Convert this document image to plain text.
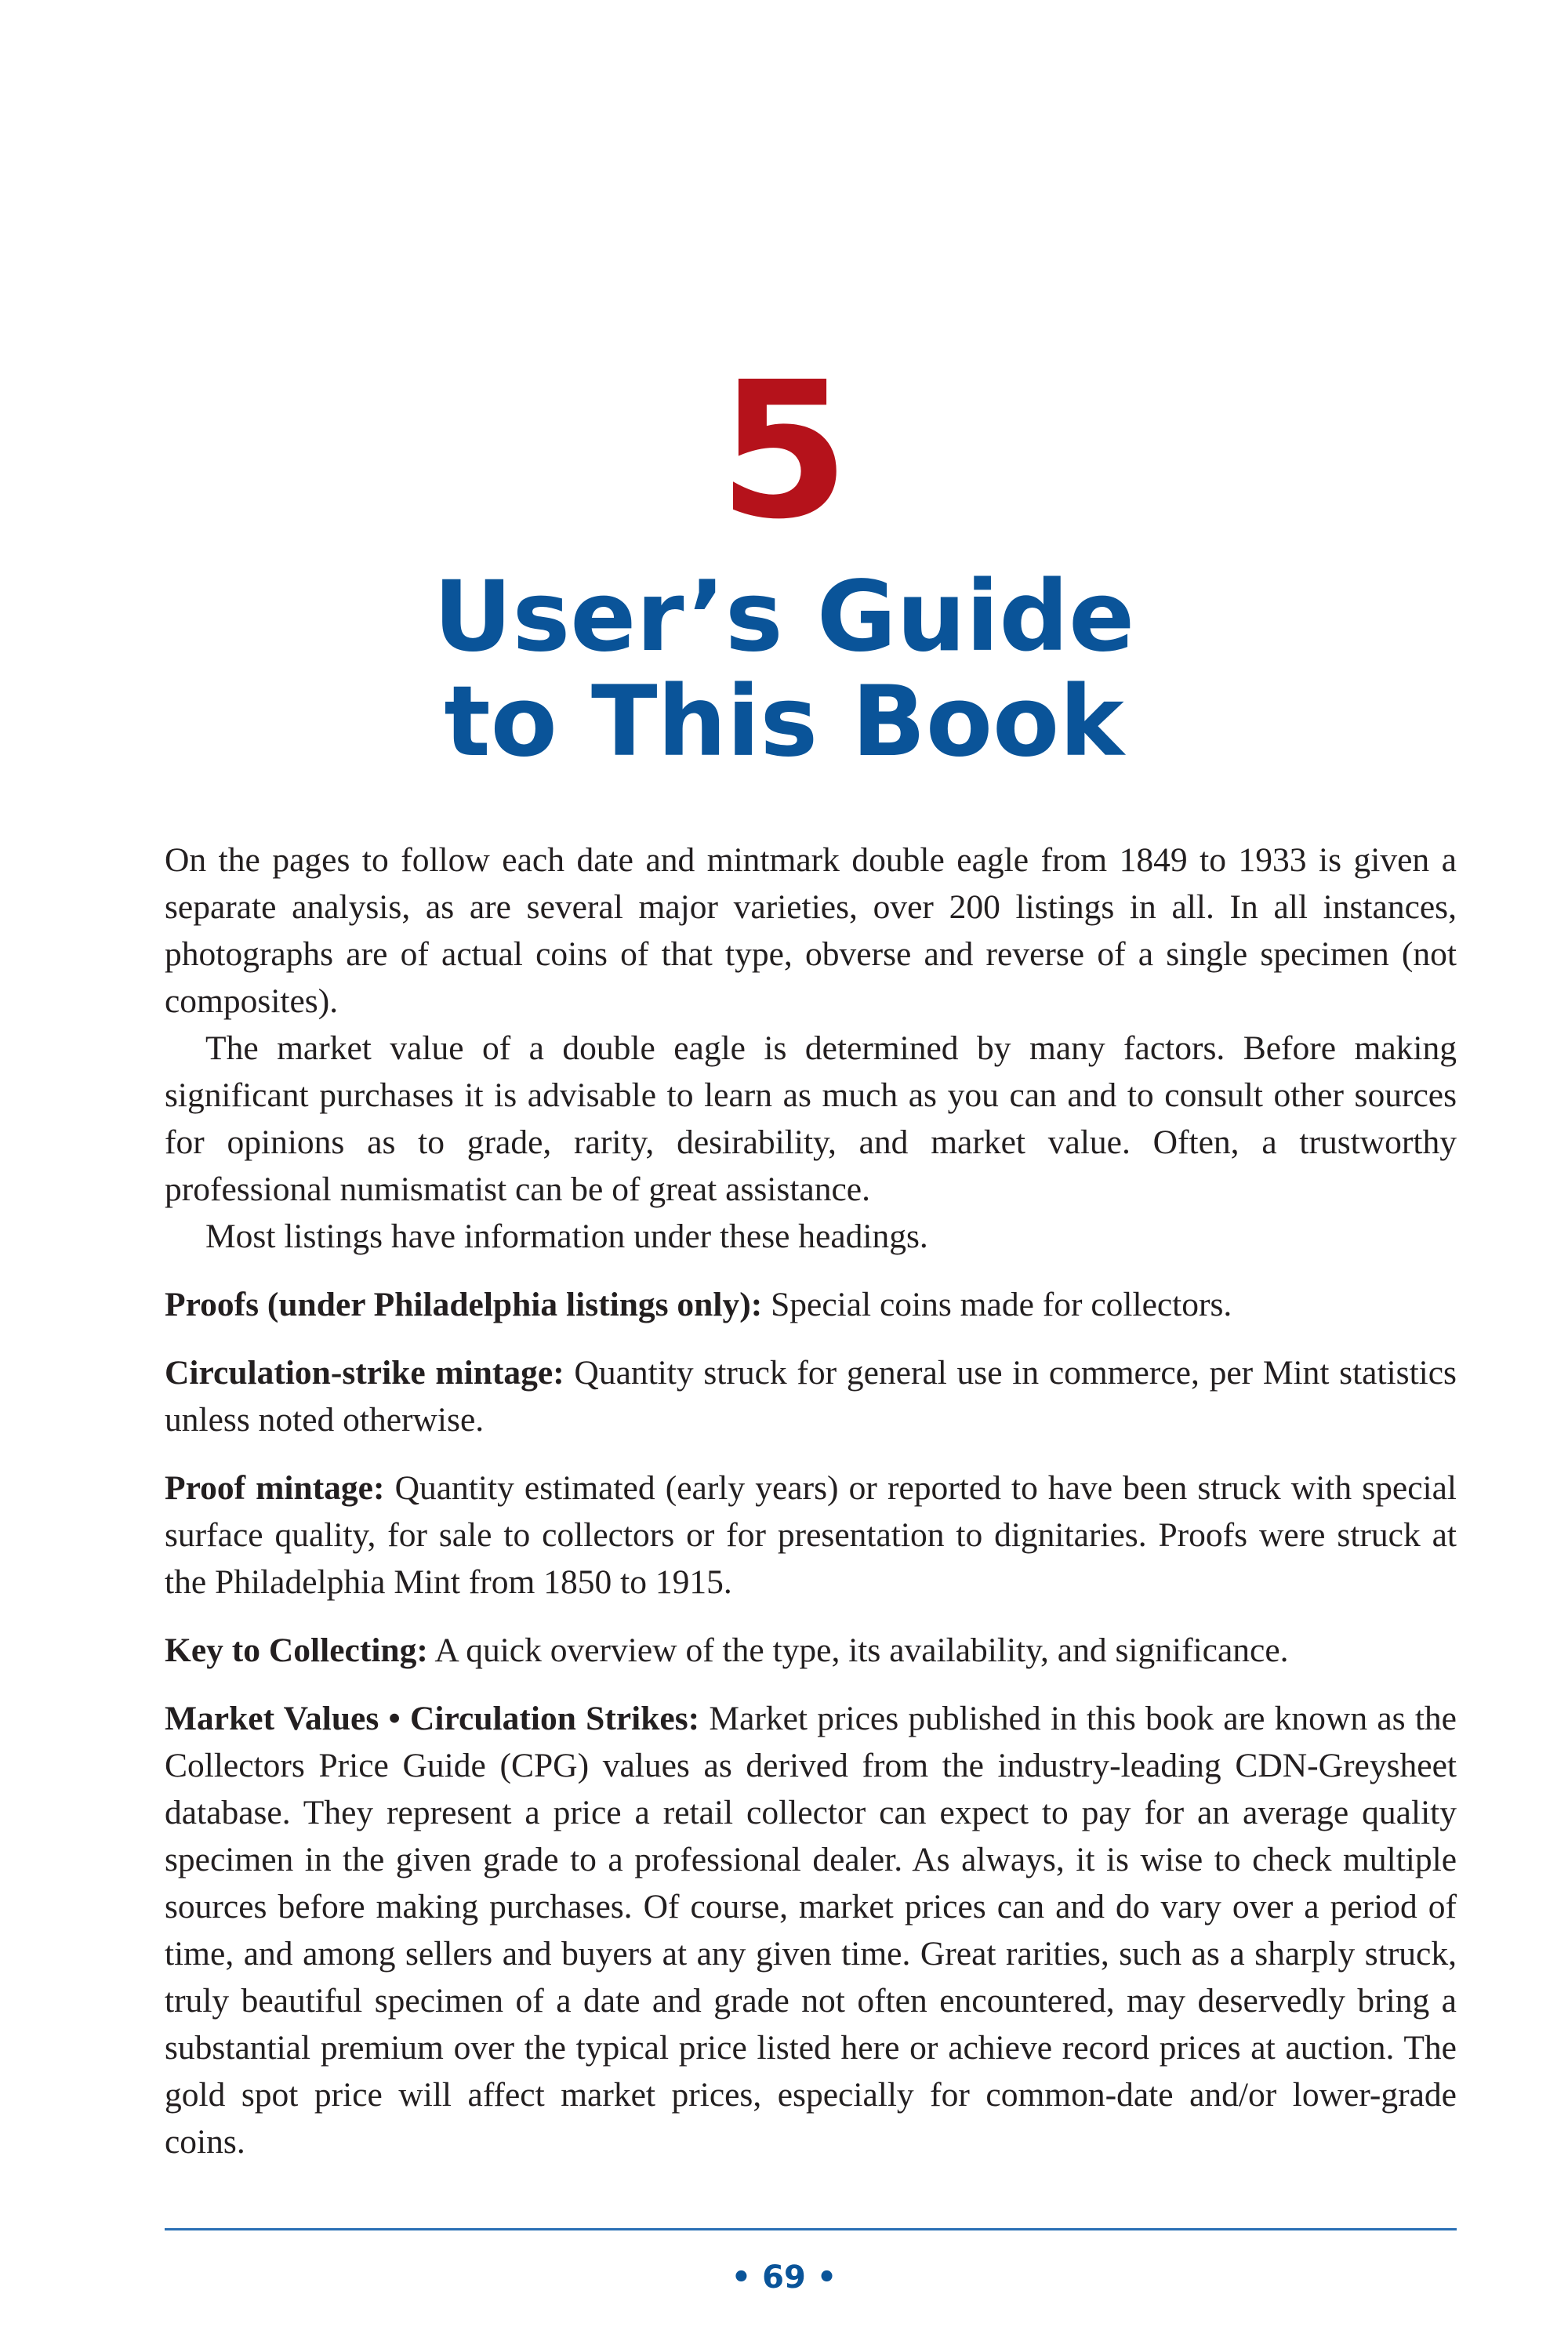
5
User’s Guide
to This Book

On the pages to follow each date and mintmark double eagle from 1849 to 1933 is given a separate analysis, as are several major varieties, over 200 listings in all. In all instances, photographs are of actual coins of that type, obverse and reverse of a single specimen (not composites).

The market value of a double eagle is determined by many factors. Before making significant purchases it is advisable to learn as much as you can and to consult other sources for opinions as to grade, rarity, desirability, and market value. Often, a trustworthy professional numismatist can be of great assistance.

Most listings have information under these headings.

Proofs (under Philadelphia listings only): Special coins made for collectors.

Circulation-strike mintage: Quantity struck for general use in commerce, per Mint statistics unless noted otherwise.

Proof mintage: Quantity estimated (early years) or reported to have been struck with special surface quality, for sale to collectors or for presentation to dignitaries. Proofs were struck at the Philadelphia Mint from 1850 to 1915.

Key to Collecting: A quick overview of the type, its availability, and significance.

Market Values • Circulation Strikes: Market prices published in this book are known as the Collectors Price Guide (CPG) values as derived from the industry-leading CDN-Greysheet database. They represent a price a retail collector can expect to pay for an average quality specimen in the given grade to a professional dealer. As always, it is wise to check multiple sources before making purchases. Of course, market prices can and do vary over a period of time, and among sellers and buyers at any given time. Great rarities, such as a sharply struck, truly beautiful specimen of a date and grade not often encountered, may deservedly bring a substantial premium over the typical price listed here or achieve record prices at auction. The gold spot price will affect market prices, especially for common-date and/or lower-grade coins.

• 69 •
